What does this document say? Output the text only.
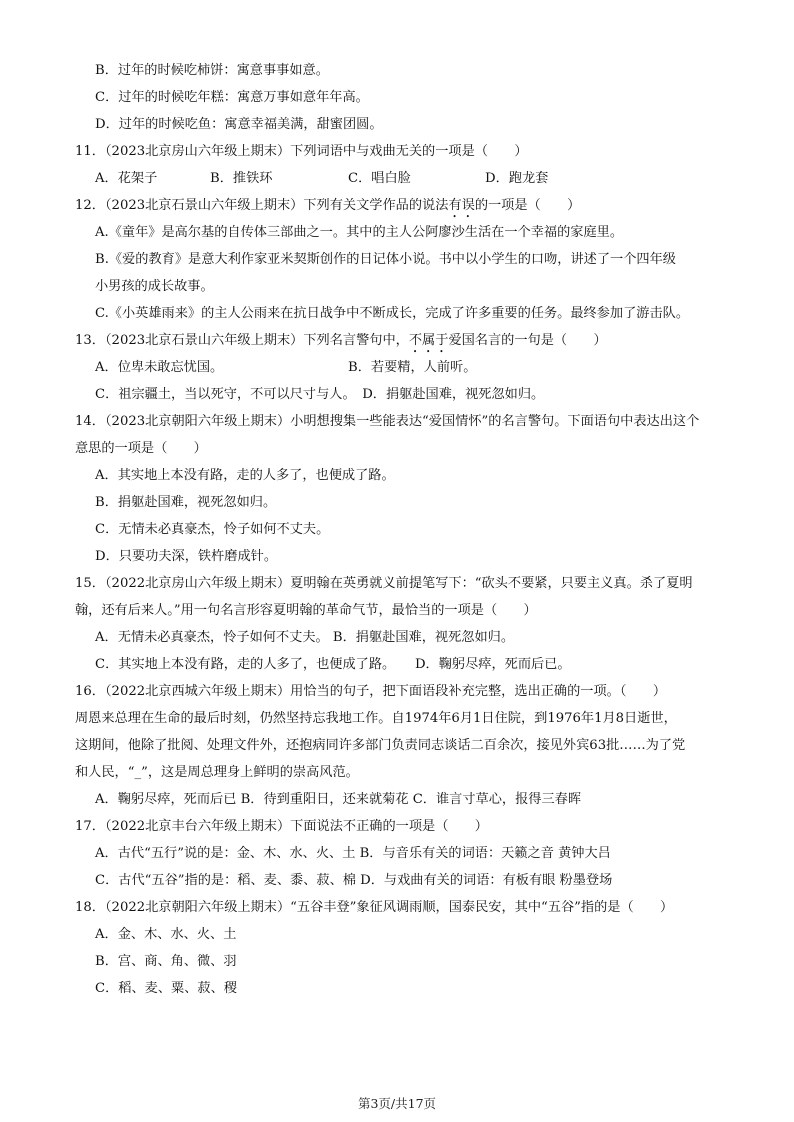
B．过年的时候吃柿饼：寓意事事如意。
C．过年的时候吃年糕：寓意万事如意年年高。
D．过年的时候吃鱼：寓意幸福美满，甜蜜团圆。
11．（2023北京房山六年级上期末）下列词语中与戏曲无关的一项是（　　）
A．花架子	B．推铁环	C．唱白脸	D．跑龙套
12．（2023北京石景山六年级上期末）下列有关文学作品的说法有误的一项是（　　）
A.《童年》是高尔基的自传体三部曲之一。其中的主人公阿廖沙生活在一个幸福的家庭里。
B.《爱的教育》是意大利作家亚米契斯创作的日记体小说。书中以小学生的口吻，讲述了一个四年级
小男孩的成长故事。
C.《小英雄雨来》的主人公雨来在抗日战争中不断成长，完成了许多重要的任务。最终参加了游击队。
13．（2023北京石景山六年级上期末）下列名言警句中，不属于爱国名言的一句是（　　）
A．位卑未敢忘忧国。	B．若要精，人前听。
C．祖宗疆土，当以死守，不可以尺寸与人。　D．捐躯赴国难，视死忽如归。
14．（2023北京朝阳六年级上期末）小明想搜集一些能表达“爱国情怀”的名言警句。下面语句中表达出这个
意思的一项是（　　）
A．其实地上本没有路，走的人多了，也便成了路。
B．捐躯赴国难，视死忽如归。
C．无情未必真豪杰，怜子如何不丈夫。
D．只要功夫深，铁杵磨成针。
15．（2022北京房山六年级上期末）夏明翰在英勇就义前提笔写下：“砍头不要紧，只要主义真。杀了夏明
翰，还有后来人。”用一句名言形容夏明翰的革命气节，最恰当的一项是（　　）
A．无情未必真豪杰，怜子如何不丈夫。 B．捐躯赴国难，视死忽如归。
C．其实地上本没有路，走的人多了，也便成了路。　　D．鞠躬尽瘁，死而后已。
16．（2022北京西城六年级上期末）用恰当的句子，把下面语段补充完整，选出正确的一项。（　　）
周恩来总理在生命的最后时刻，仍然坚持忘我地工作。自1974年6月1日住院，到1976年1月8日逝世，
这期间，他除了批阅、处理文件外，还抱病同许多部门负责同志谈话二百余次，接见外宾63批……为了党
和人民，“_”，这是周总理身上鲜明的崇高风范。
A．鞠躬尽瘁，死而后已 B．待到重阳日，还来就菊花 C．谁言寸草心，报得三春晖
17．（2022北京丰台六年级上期末）下面说法不正确的一项是（　　）
A．古代“五行”说的是：金、木、水、火、土 B．与音乐有关的词语：天籁之音 黄钟大吕
C．古代“五谷”指的是：稻、麦、黍、菽、棉 D．与戏曲有关的词语：有板有眼 粉墨登场
18．（2022北京朝阳六年级上期末）“五谷丰登”象征风调雨顺，国泰民安，其中“五谷”指的是（　　）
A．金、木、水、火、土
B．宫、商、角、微、羽
C．稻、麦、粟、菽、稷
第3页/共17页
